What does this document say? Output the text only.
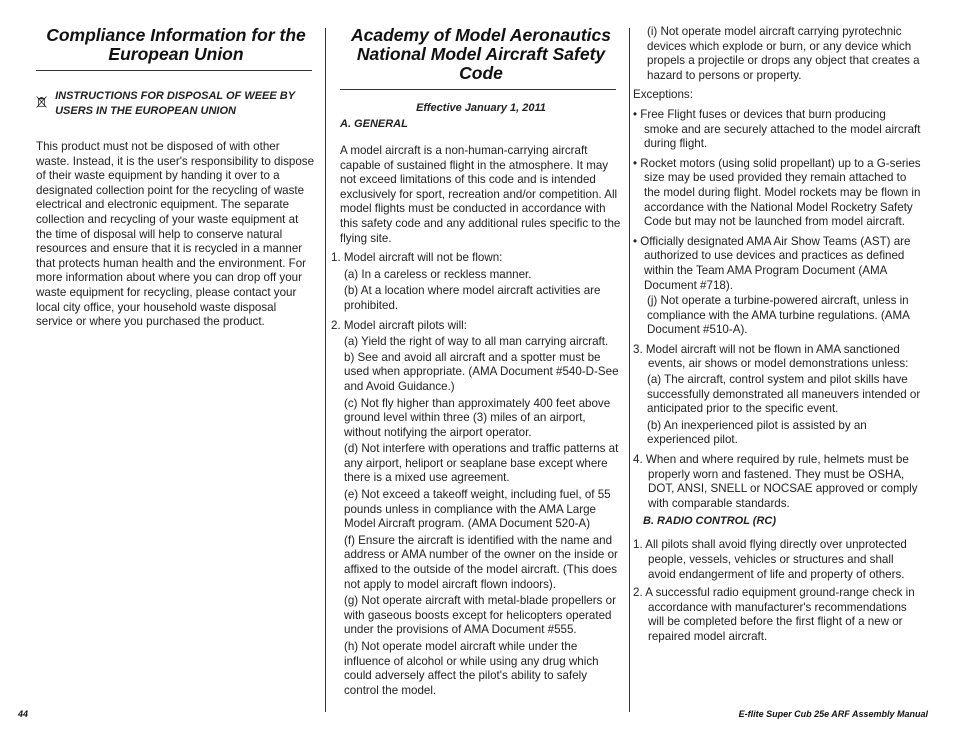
Compliance Information for the European Union
INSTRUCTIONS FOR DISPOSAL OF WEEE BY USERS IN THE EUROPEAN UNION

This product must not be disposed of with other waste. Instead, it is the user's responsibility to dispose of their waste equipment by handing it over to a designated collection point for the recycling of waste electrical and electronic equipment. The separate collection and recycling of your waste equipment at the time of disposal will help to conserve natural resources and ensure that it is recycled in a manner that protects human health and the environment. For more information about where you can drop off your waste equipment for recycling, please contact your local city office, your household waste disposal service or where you purchased the product.

Academy of Model Aeronautics National Model Aircraft Safety Code
Effective January 1, 2011
A. GENERAL

A model aircraft is a non-human-carrying aircraft capable of sustained flight in the atmosphere. It may not exceed limitations of this code and is intended exclusively for sport, recreation and/or competition. All model flights must be conducted in accordance with this safety code and any additional rules specific to the flying site.

1. Model aircraft will not be flown:

(a) In a careless or reckless manner.

(b) At a location where model aircraft activities are prohibited.

2. Model aircraft pilots will:

(a) Yield the right of way to all man carrying aircraft.

b) See and avoid all aircraft and a spotter must be used when appropriate. (AMA Document #540-D-See and Avoid Guidance.)

(c) Not fly higher than approximately 400 feet above ground level within three (3) miles of an airport, without notifying the airport operator.

(d) Not interfere with operations and traffic patterns at any airport, heliport or seaplane base except where there is a mixed use agreement.

(e) Not exceed a takeoff weight, including fuel, of 55 pounds unless in compliance with the AMA Large Model Aircraft program. (AMA Document 520-A)

(f) Ensure the aircraft is identified with the name and address or AMA number of the owner on the inside or affixed to the outside of the model aircraft. (This does not apply to model aircraft flown indoors).

(g) Not operate aircraft with metal-blade propellers or with gaseous boosts except for helicopters operated under the provisions of AMA Document #555.

(h) Not operate model aircraft while under the influence of alcohol or while using any drug which could adversely affect the pilot's ability to safely control the model.

(i) Not operate model aircraft carrying pyrotechnic devices which explode or burn, or any device which propels a projectile or drops any object that creates a hazard to persons or property.

Exceptions:

• Free Flight fuses or devices that burn producing smoke and are securely attached to the model aircraft during flight.

• Rocket motors (using solid propellant) up to a G-series size may be used provided they remain attached to the model during flight. Model rockets may be flown in accordance with the National Model Rocketry Safety Code but may not be launched from model aircraft.

• Officially designated AMA Air Show Teams (AST) are authorized to use devices and practices as defined within the Team AMA Program Document (AMA Document #718).

(j) Not operate a turbine-powered aircraft, unless in compliance with the AMA turbine regulations. (AMA Document #510-A).

3. Model aircraft will not be flown in AMA sanctioned events, air shows or model demonstrations unless:

(a) The aircraft, control system and pilot skills have successfully demonstrated all maneuvers intended or anticipated prior to the specific event.

(b) An inexperienced pilot is assisted by an experienced pilot.

4. When and where required by rule, helmets must be properly worn and fastened. They must be OSHA, DOT, ANSI, SNELL or NOCSAE approved or comply with comparable standards.

B. RADIO CONTROL (RC)

1. All pilots shall avoid flying directly over unprotected people, vessels, vehicles or structures and shall avoid endangerment of life and property of others.

2. A successful radio equipment ground-range check in accordance with manufacturer's recommendations will be completed before the first flight of a new or repaired model aircraft.

44	E-flite Super Cub 25e ARF Assembly Manual
